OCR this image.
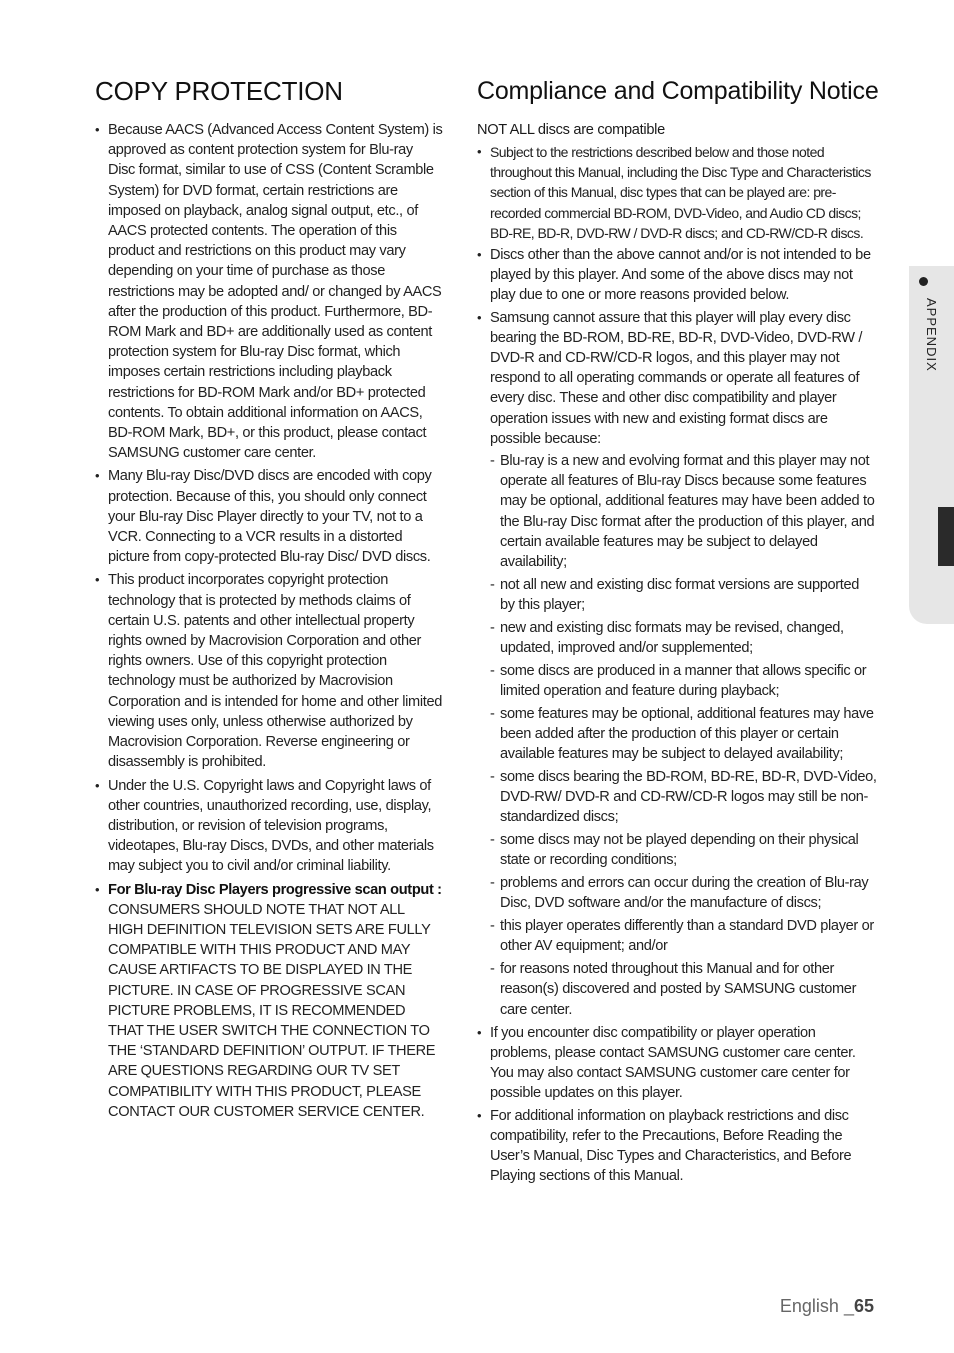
COPY PROTECTION
• Because AACS (Advanced Access Content System) is approved as content protection system for Blu-ray Disc format, similar to use of CSS (Content Scramble System) for DVD format, certain restrictions are imposed on playback, analog signal output, etc., of AACS protected contents. The operation of this product and restrictions on this product may vary depending on your time of purchase as those restrictions may be adopted and/ or changed by AACS after the production of this product. Furthermore, BD-ROM Mark and BD+ are additionally used as content protection system for Blu-ray Disc format, which imposes certain restrictions including playback restrictions for BD-ROM Mark and/or BD+ protected contents. To obtain additional information on AACS, BD-ROM Mark, BD+, or this product, please contact SAMSUNG customer care center.
• Many Blu-ray Disc/DVD discs are encoded with copy protection. Because of this, you should only connect your Blu-ray Disc Player directly to your TV, not to a VCR. Connecting to a VCR results in a distorted picture from copy-protected Blu-ray Disc/ DVD discs.
• This product incorporates copyright protection technology that is protected by methods claims of certain U.S. patents and other intellectual property rights owned by Macrovision Corporation and other rights owners. Use of this copyright protection technology must be authorized by Macrovision Corporation and is intended for home and other limited viewing uses only, unless otherwise authorized by Macrovision Corporation. Reverse engineering or disassembly is prohibited.
• Under the U.S. Copyright laws and Copyright laws of other countries, unauthorized recording, use, display, distribution, or revision of television programs, videotapes, Blu-ray Discs, DVDs, and other materials may subject you to civil and/or criminal liability.
• For Blu-ray Disc Players progressive scan output : CONSUMERS SHOULD NOTE THAT NOT ALL HIGH DEFINITION TELEVISION SETS ARE FULLY COMPATIBLE WITH THIS PRODUCT AND MAY CAUSE ARTIFACTS TO BE DISPLAYED IN THE PICTURE. IN CASE OF PROGRESSIVE SCAN PICTURE PROBLEMS, IT IS RECOMMENDED THAT THE USER SWITCH THE CONNECTION TO THE ‘STANDARD DEFINITION’ OUTPUT. IF THERE ARE QUESTIONS REGARDING OUR TV SET COMPATIBILITY WITH THIS PRODUCT, PLEASE CONTACT OUR CUSTOMER SERVICE CENTER.
Compliance and Compatibility Notice

NOT ALL discs are compatible

• Subject to the restrictions described below and those noted throughout this Manual, including the Disc Type and Characteristics section of this Manual, disc types that can be played are: pre-recorded commercial BD-ROM, DVD-Video, and Audio CD discs; BD-RE, BD-R, DVD-RW / DVD-R discs; and CD-RW/CD-R discs.
• Discs other than the above cannot and/or is not intended to be played by this player. And some of the above discs may not play due to one or more reasons provided below.
• Samsung cannot assure that this player will play every disc bearing the BD-ROM, BD-RE, BD-R, DVD-Video, DVD-RW / DVD-R and CD-RW/CD-R logos, and this player may not respond to all operating commands or operate all features of every disc. These and other disc compatibility and player operation issues with new and existing format discs are possible because:
- Blu-ray is a new and evolving format and this player may not operate all features of Blu-ray Discs because some features may be optional, additional features may have been added to the Blu-ray Disc format after the production of this player, and certain available features may be subject to delayed availability;
- not all new and existing disc format versions are supported by this player;
- new and existing disc formats may be revised, changed, updated, improved and/or supplemented;
- some discs are produced in a manner that allows specific or limited operation and feature during playback;
- some features may be optional, additional features may have been added after the production of this player or certain available features may be subject to delayed availability;
- some discs bearing the BD-ROM, BD-RE, BD-R, DVD-Video, DVD-RW/ DVD-R and CD-RW/CD-R logos may still be non-standardized discs;
- some discs may not be played depending on their physical state or recording conditions;
- problems and errors can occur during the creation of Blu-ray Disc, DVD software and/or the manufacture of discs;
- this player operates differently than a standard DVD player or other AV equipment; and/or
- for reasons noted throughout this Manual and for other reason(s) discovered and posted by SAMSUNG customer care center.
• If you encounter disc compatibility or player operation problems, please contact SAMSUNG customer care center. You may also contact SAMSUNG customer care center for possible updates on this player.
• For additional information on playback restrictions and disc compatibility, refer to the Precautions, Before Reading the User’s Manual, Disc Types and Characteristics, and Before Playing sections of this Manual.
APPENDIX
English _65
